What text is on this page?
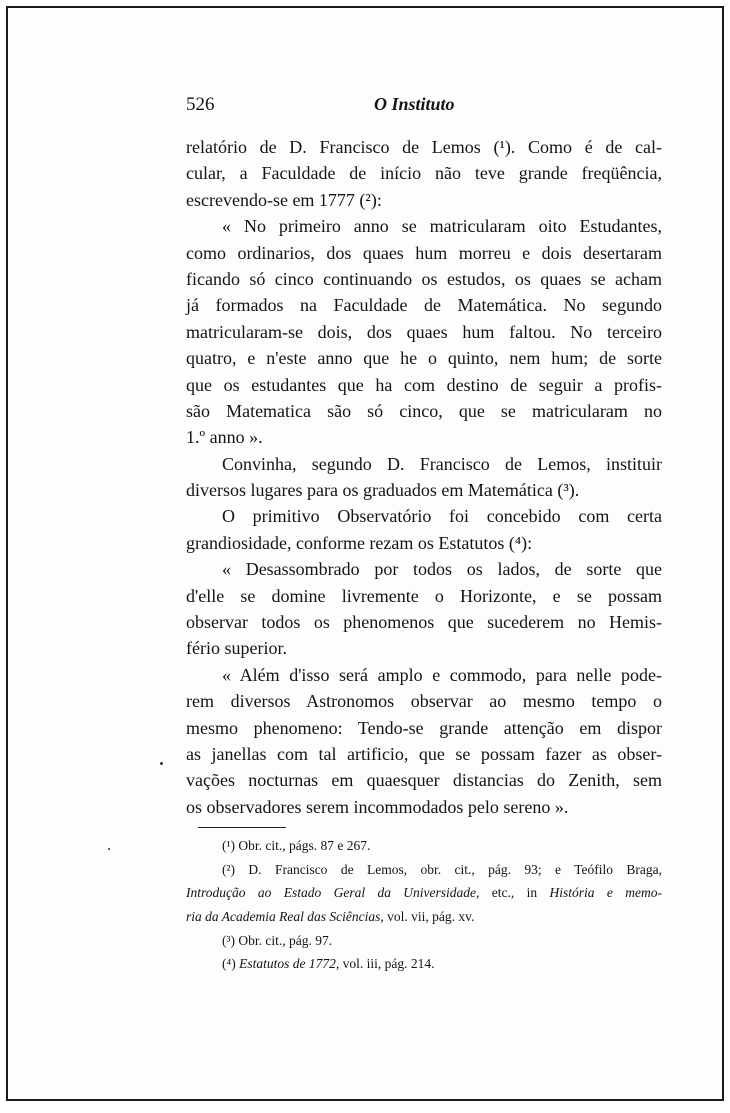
526	O Instituto
relatório de D. Francisco de Lemos (¹). Como é de cal-
cular, a Faculdade de início não teve grande freqüência,
escrevendo-se em 1777 (²):
« No primeiro anno se matricularam oito Estudantes,
como ordinarios, dos quaes hum morreu e dois desertaram
ficando só cinco continuando os estudos, os quaes se acham
já formados na Faculdade de Matemática. No segundo
matricularam-se dois, dos quaes hum faltou. No terceiro
quatro, e n'este anno que he o quinto, nem hum; de sorte
que os estudantes que ha com destino de seguir a profis-
são Matematica são só cinco, que se matricularam no
1.º anno ».
Convinha, segundo D. Francisco de Lemos, instituir
diversos lugares para os graduados em Matemática (³).
O primitivo Observatório foi concebido com certa
grandiosidade, conforme rezam os Estatutos (⁴):
« Desassombrado por todos os lados, de sorte que
d'elle se domine livremente o Horizonte, e se possam
observar todos os phenomenos que sucederem no Hemis-
fério superior.
« Além d'isso será amplo e commodo, para nelle pode-
rem diversos Astronomos observar ao mesmo tempo o
mesmo phenomeno: Tendo-se grande attenção em dispor
as janellas com tal artificio, que se possam fazer as obser-
vações nocturnas em quaesquer distancias do Zenith, sem
os observadores serem incommodados pelo sereno ».
(¹) Obr. cit., págs. 87 e 267.
(²) D. Francisco de Lemos, obr. cit., pág. 93; e Teófilo Braga,
Introdução ao Estado Geral da Universidade, etc., in História e memo-
ria da Academia Real das Sciências, vol. vii, pág. xv.
(³) Obr. cit., pág. 97.
(⁴) Estatutos de 1772, vol. iii, pág. 214.
